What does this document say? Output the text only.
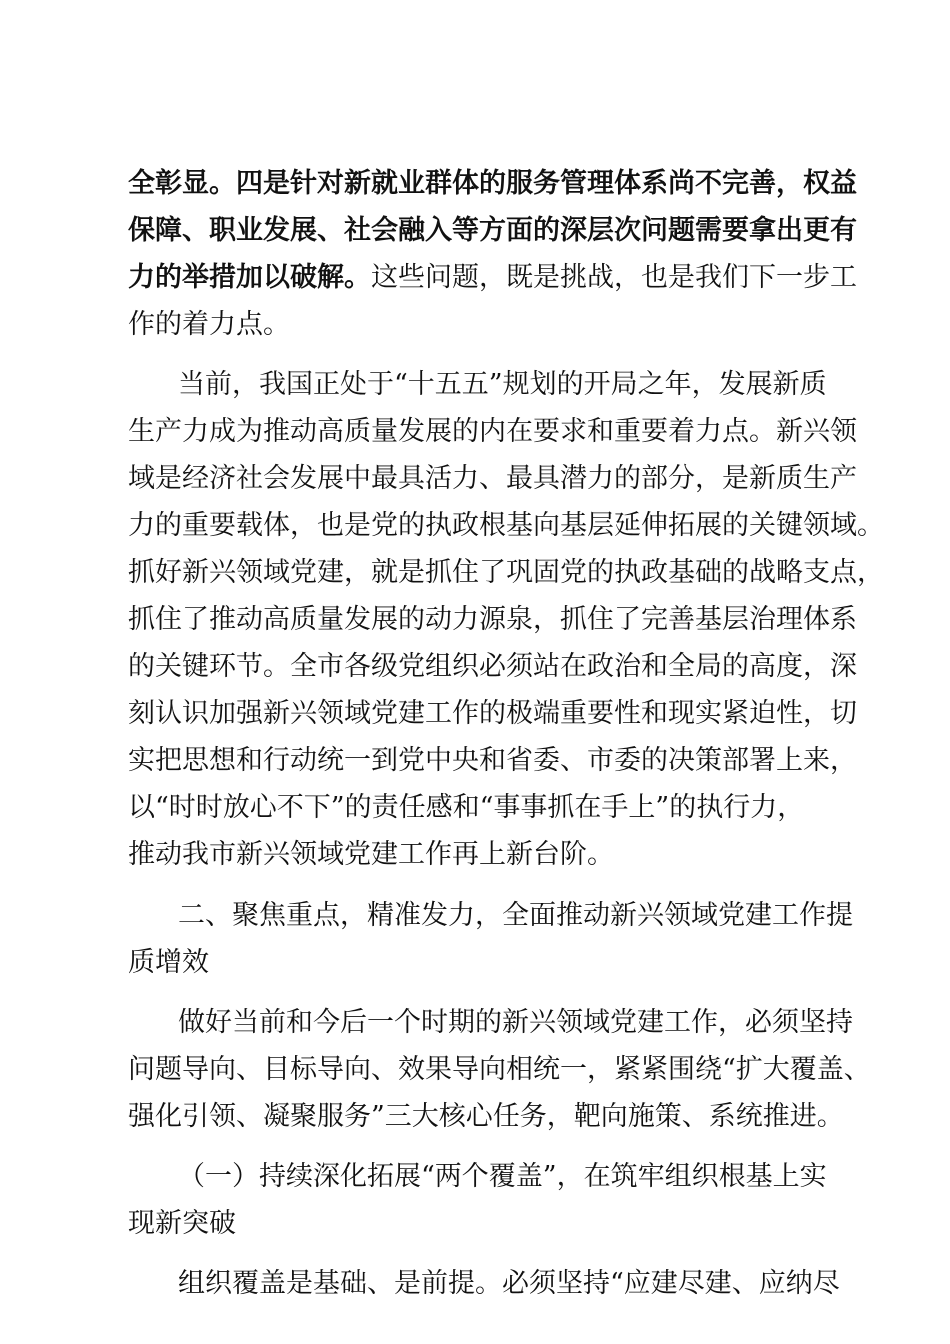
全彰显。四是针对新就业群体的服务管理体系尚不完善，权益
保障、职业发展、社会融入等方面的深层次问题需要拿出更有
力的举措加以破解。这些问题，既是挑战，也是我们下一步工
作的着力点。
当前，我国正处于“十五五”规划的开局之年，发展新质
生产力成为推动高质量发展的内在要求和重要着力点。新兴领
域是经济社会发展中最具活力、最具潜力的部分，是新质生产
力的重要载体，也是党的执政根基向基层延伸拓展的关键领域。
抓好新兴领域党建，就是抓住了巩固党的执政基础的战略支点，
抓住了推动高质量发展的动力源泉，抓住了完善基层治理体系
的关键环节。全市各级党组织必须站在政治和全局的高度，深
刻认识加强新兴领域党建工作的极端重要性和现实紧迫性，切
实把思想和行动统一到党中央和省委、市委的决策部署上来，
以“时时放心不下”的责任感和“事事抓在手上”的执行力，
推动我市新兴领域党建工作再上新台阶。
二、聚焦重点，精准发力，全面推动新兴领域党建工作提
质增效
做好当前和今后一个时期的新兴领域党建工作，必须坚持
问题导向、目标导向、效果导向相统一，紧紧围绕“扩大覆盖、
强化引领、凝聚服务”三大核心任务，靶向施策、系统推进。
（一）持续深化拓展“两个覆盖”，在筑牢组织根基上实
现新突破
组织覆盖是基础、是前提。必须坚持“应建尽建、应纳尽
